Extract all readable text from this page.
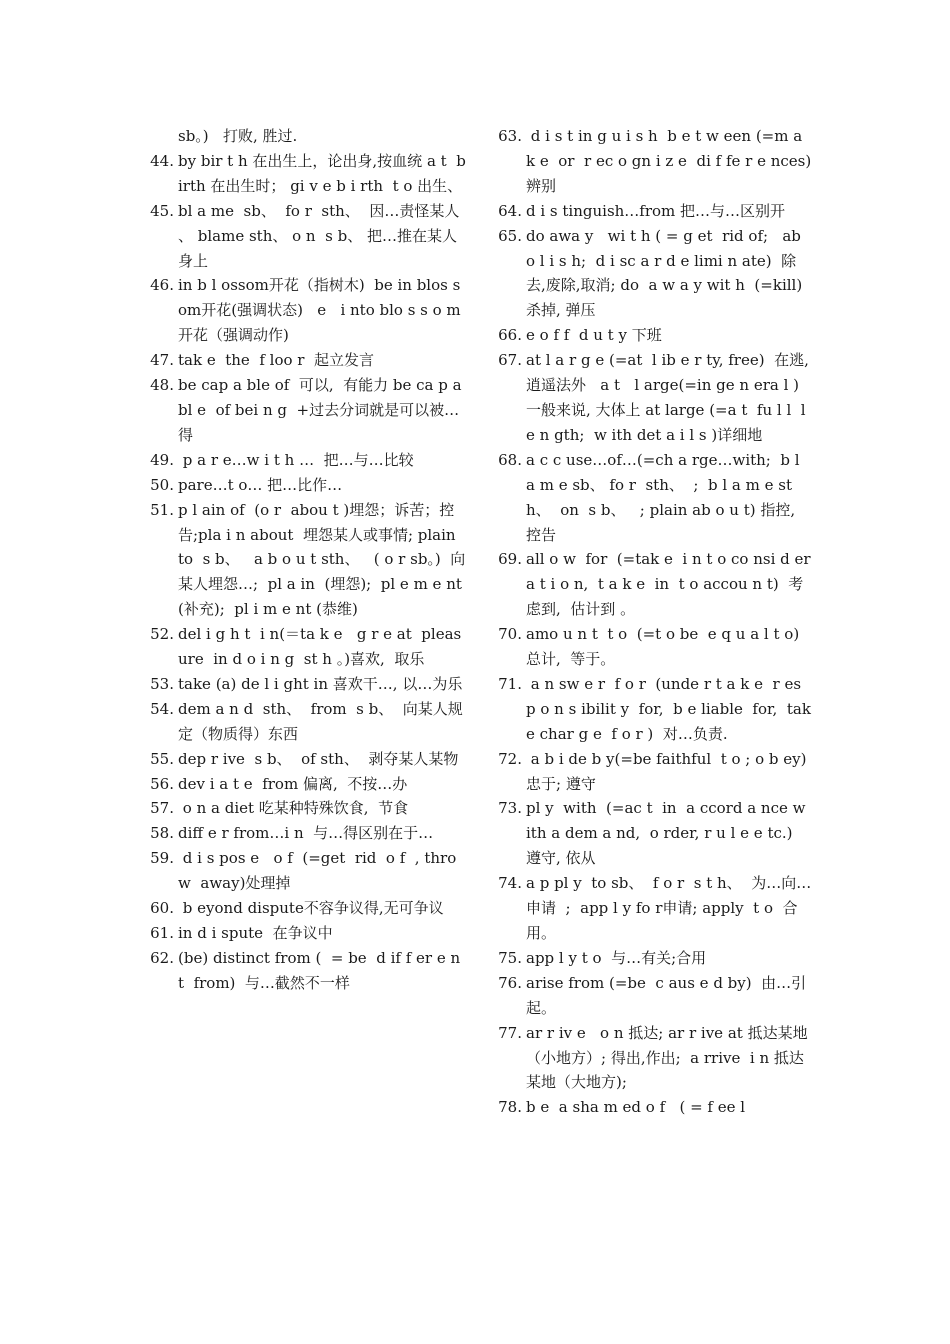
sb。)   打败, 胜过.
44. by bir t h 在出生上，论出身,按血统 a t  b irth 在出生时； gi v e b i rth  t o 出生、
45. bl a me  sb、  fo r  sth、  因…责怪某人 、 blame sth、 o n  s b、 把…推在某人身上
46. in b l ossom开花（指树木)  be in blos s om开花(强调状态)   e   i nto blo s s o m开花（强调动作)
47. tak e  the  f loo r  起立发言
48. be cap a ble of  可以,  有能力 be ca p abl e  of bei n g  +过去分词就是可以被…得
49. p a r e…w i t h …  把…与…比较
50. pare…t o… 把…比作…
51. p l ain of  (o r  abou t )埋怨；诉苦；控告;pla i n about  埋怨某人或事情; plain to  s b、   a b o u t sth、   ( o r sb。)  向某人埋怨…;  pl a in  (埋怨);  pl e m e nt  (补充);  pl i m e nt (恭维)
52. del i g h t  i n(＝ta k e   g r e at  pleasure  in d o i n g  st h 。)喜欢,  取乐
53. take (a) de l i ght in 喜欢干…, 以…为乐
54. dem a n d  sth、  from  s b、  向某人规定（物质得）东西
55. dep r ive  s b、  of sth、  剥夺某人某物
56. dev i a t e  from 偏离,  不按…办
57. o n a diet 吃某种特殊饮食,  节食
58. diff e r from…i n  与…得区别在于…
59. d i s pos e   o f  (=get  rid  o f  , throw  away)处理掉
60. b eyond dispute不容争议得,无可争议
61. in d i spute  在争议中
62. (be) distinct from (  = be  d if f er e n t  from)  与…截然不一样
63. d i s t in g u i s h  b e t w een (=m a k e  or  r ec o gn i z e  di f fe r e nces)  辨别
64. d i s tinguish…from 把…与…区别开
65. do awa y   wi t h ( = g et  rid of;   ab o l i s h;  d i sc a r d e limi n ate)  除去,废除,取消; do  a w a y wit h  (=kill)  杀掉, 弹压
66. e o f f  d u t y 下班
67. at l a r g e (=at  l ib e r ty, free)  在逃,   逍遥法外   a t   l arge(=in ge n era l )  一般来说, 大体上 at large (=a t  fu l l  l e n gth;  w ith det a i l s )详细地
68. a c c use…of…(=ch a rge…with;  b l a m e sb、 fo r  sth、  ;  b l a m e sth、  on  s b、   ; plain ab o u t) 指控, 控告
69. all o w  for  (=tak e  i n t o co nsi d er a t i o n,  t a k e  in  t o accou n t)  考虑到,  估计到 。
70. amo u n t  t o  (=t o be  e q u a l t o)  总计,  等于。
71. a n sw e r  f o r  (unde r t a k e  r es p o n s ibilit y  for,  b e liable  for,  tak e char g e  f o r )  对…负责.
72. a b i de b y(=be faithful  t o ; o b ey)忠于; 遵守
73. pl y  with  (=ac t  in  a ccord a nce w ith a dem a nd,  o rder, r u l e e tc.)  遵守, 依从
74. a p pl y  to sb、  f o r  s t h、  为…向…申请  ;  app l y fo r申请; apply  t o  合用。
75. app l y t o  与…有关;合用
76. arise from (=be  c aus e d by)  由…引起。
77. ar r iv e   o n 抵达; ar r ive at 抵达某地（小地方）; 得出,作出;  a rrive  i n 抵达某地（大地方);
78. b e  a sha m ed o f   ( = f ee l
